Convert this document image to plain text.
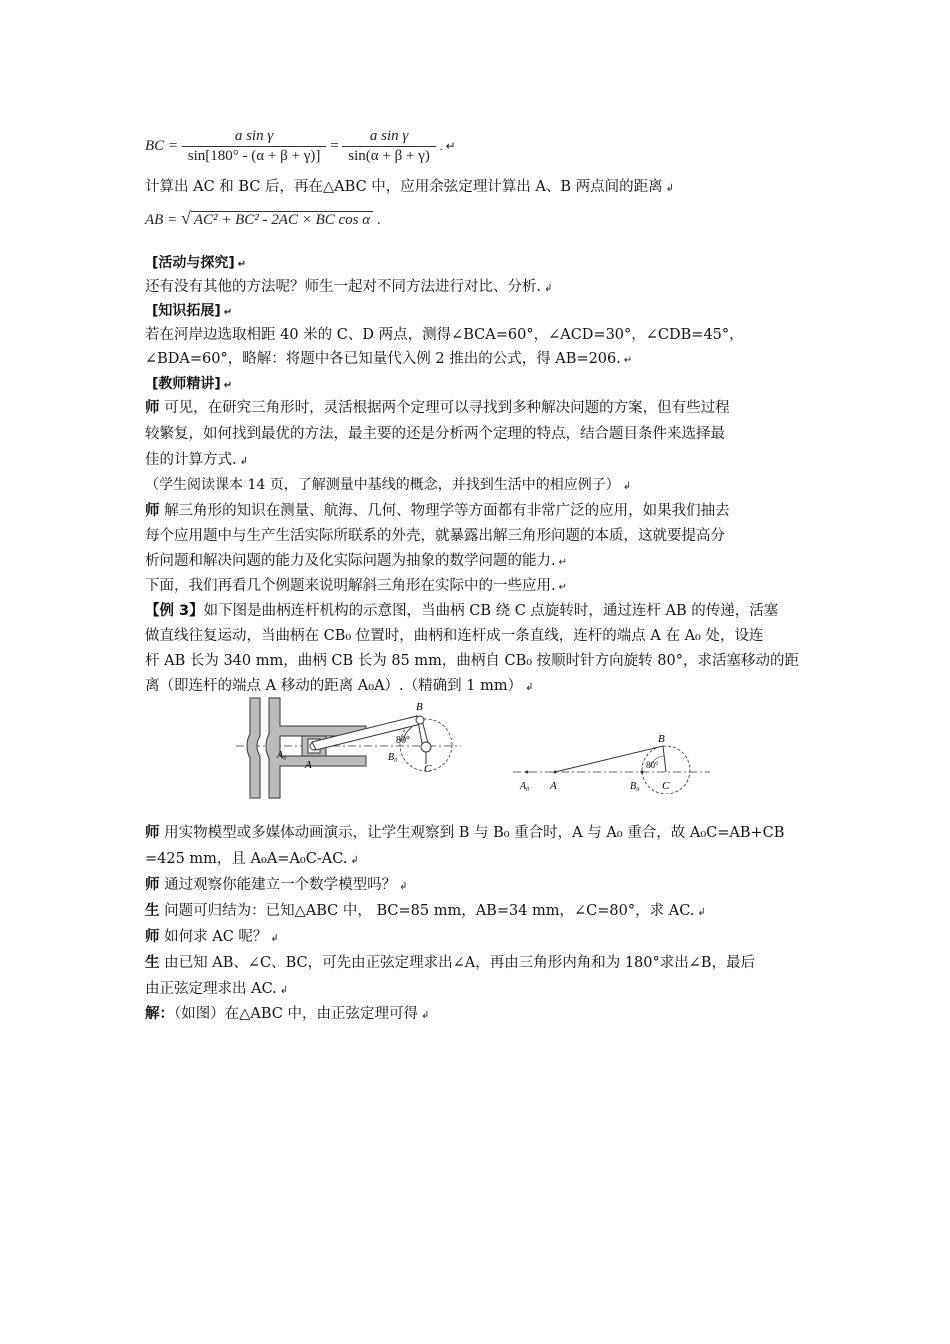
BC = $\frac{\text{a sin γ}}{\sin[180^\circ - (\alpha + \beta + \gamma)]} = \frac{\text{a sin γ}}{\sin(\alpha + \beta + \gamma)}$ . ↵
计算出 AC 和 BC 后，再在△ABC 中，应用余弦定理计算出 A、B 两点间的距离 ↲
AB = √ AC² + BC² - 2AC × BC cos α .
[活动与探究] ↵
还有没有其他的方法呢？师生一起对不同方法进行对比、分析. ↲
[知识拓展] ↵
若在河岸边选取相距 40 米的 C、D 两点，测得∠BCA=60°，∠ACD=30°，∠CDB=45°，
∠BDA=60°，略解：将题中各已知量代入例 2 推出的公式，得 AB=206. ↵
[教师精讲] ↵
师 可见，在研究三角形时，灵活根据两个定理可以寻找到多种解决问题的方案，但有些过程
较繁复，如何找到最优的方法，最主要的还是分析两个定理的特点，结合题目条件来选择最
佳的计算方式. ↲
（学生阅读课本 14 页，了解测量中基线的概念，并找到生活中的相应例子） ↲
师 解三角形的知识在测量、航海、几何、物理学等方面都有非常广泛的应用，如果我们抽去
每个应用题中与生产生活实际所联系的外壳，就暴露出解三角形问题的本质，这就要提高分
析问题和解决问题的能力及化实际问题为抽象的数学问题的能力. ↵
下面，我们再看几个例题来说明解斜三角形在实际中的一些应用. ↵
【例 3】如下图是曲柄连杆机构的示意图，当曲柄 CB 绕 C 点旋转时，通过连杆 AB 的传递，活塞
做直线往复运动，当曲柄在 CB₀ 位置时，曲柄和连杆成一条直线，连杆的端点 A 在 A₀ 处，设连
杆 AB 长为 340 mm，曲柄 CB 长为 85 mm，曲柄自 CB₀ 按顺时针方向旋转 80°，求活塞移动的距
离（即连杆的端点 A 移动的距离 A₀A）.（精确到 1 mm） ↲
B
80°
A₀
A
B₀
C
B
80°
A₀ A	B₀ C
师 用实物模型或多媒体动画演示，让学生观察到 B 与 B₀ 重合时，A 与 A₀ 重合，故 A₀C=AB+CB
=425 mm，且 A₀A=A₀C-AC. ↲
师 通过观察你能建立一个数学模型吗？ ↲
生 问题可归结为：已知△ABC 中， BC=85 mm，AB=34 mm，∠C=80°，求 AC. ↲
师 如何求 AC 呢？ ↲
生 由已知 AB、∠C、BC，可先由正弦定理求出∠A，再由三角形内角和为 180°求出∠B，最后
由正弦定理求出 AC. ↲
解：（如图）在△ABC 中，由正弦定理可得 ↲
